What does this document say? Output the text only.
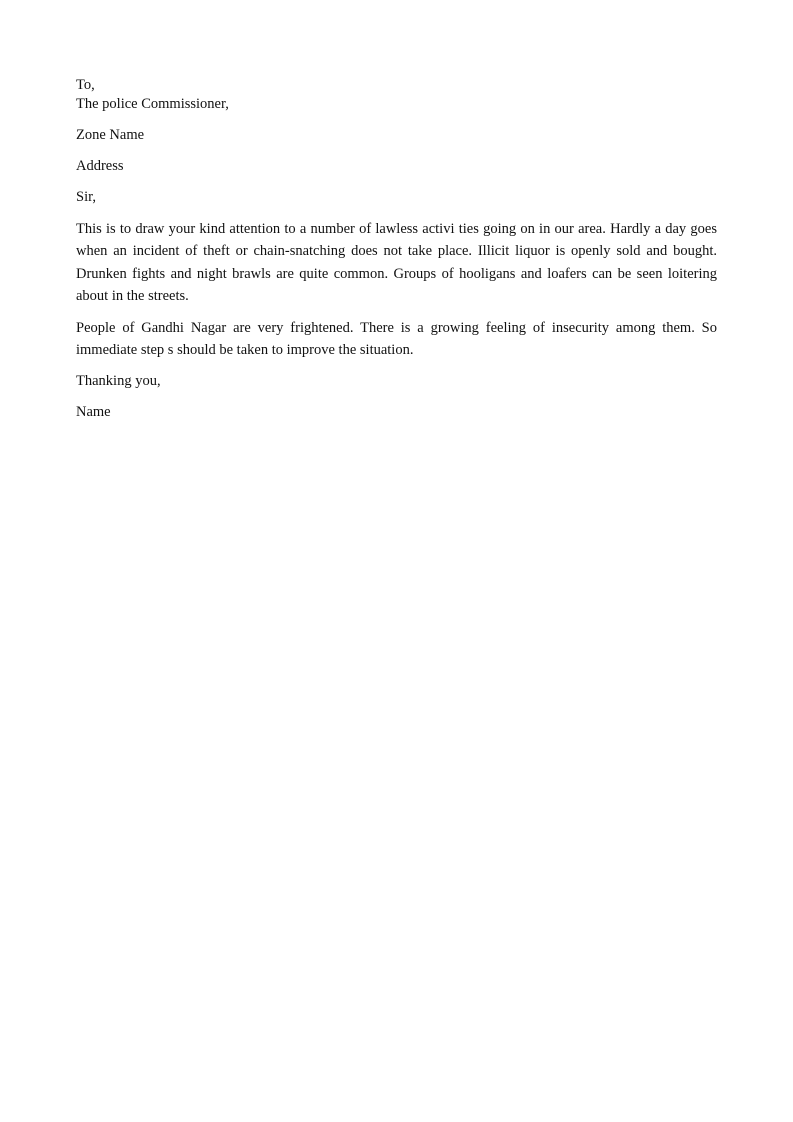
To,
The police Commissioner,
Zone Name
Address
Sir,

This is to draw your kind attention to a number of lawless activi ties going on in our area. Hardly a day goes when an incident of theft or chain-snatching does not take place. Illicit liquor is openly sold and bought. Drunken fights and night brawls are quite common. Groups of hooligans and loafers can be seen loitering about in the streets.

People of Gandhi Nagar are very frightened. There is a growing feeling of insecurity among them. So immediate step s should be taken to improve the situation.

Thanking you,
Name
